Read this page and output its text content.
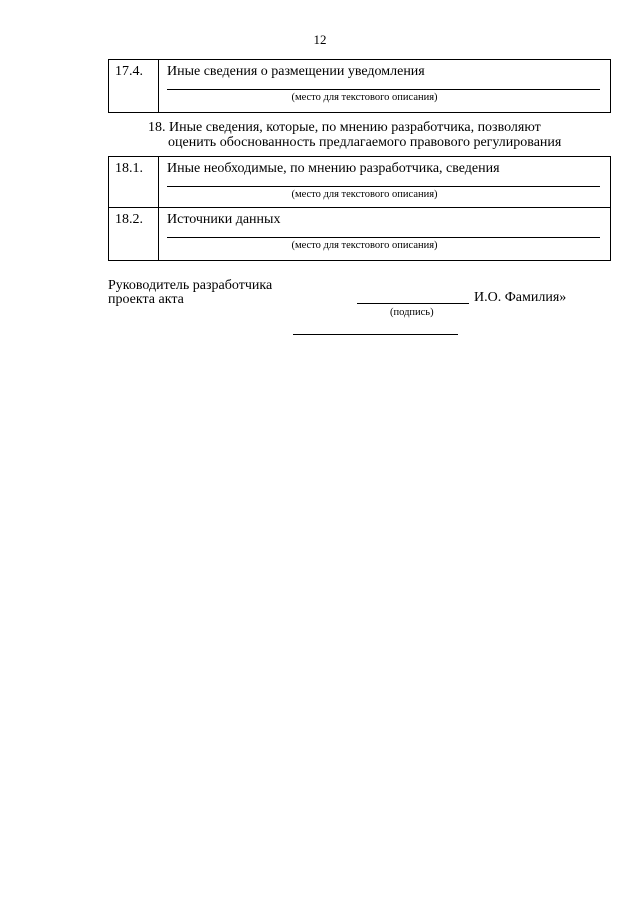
12
17.4.	Иные сведения о размещении уведомления
(место для текстового описания)
18. Иные сведения, которые, по мнению разработчика, позволяют
оценить обоснованность предлагаемого правового регулирования
18.1.	Иные необходимые, по мнению разработчика, сведения
(место для текстового описания)

18.2.	Источники данных
(место для текстового описания)
Руководитель разработчика
проекта акта	И.О. Фамилия»
(подпись)
